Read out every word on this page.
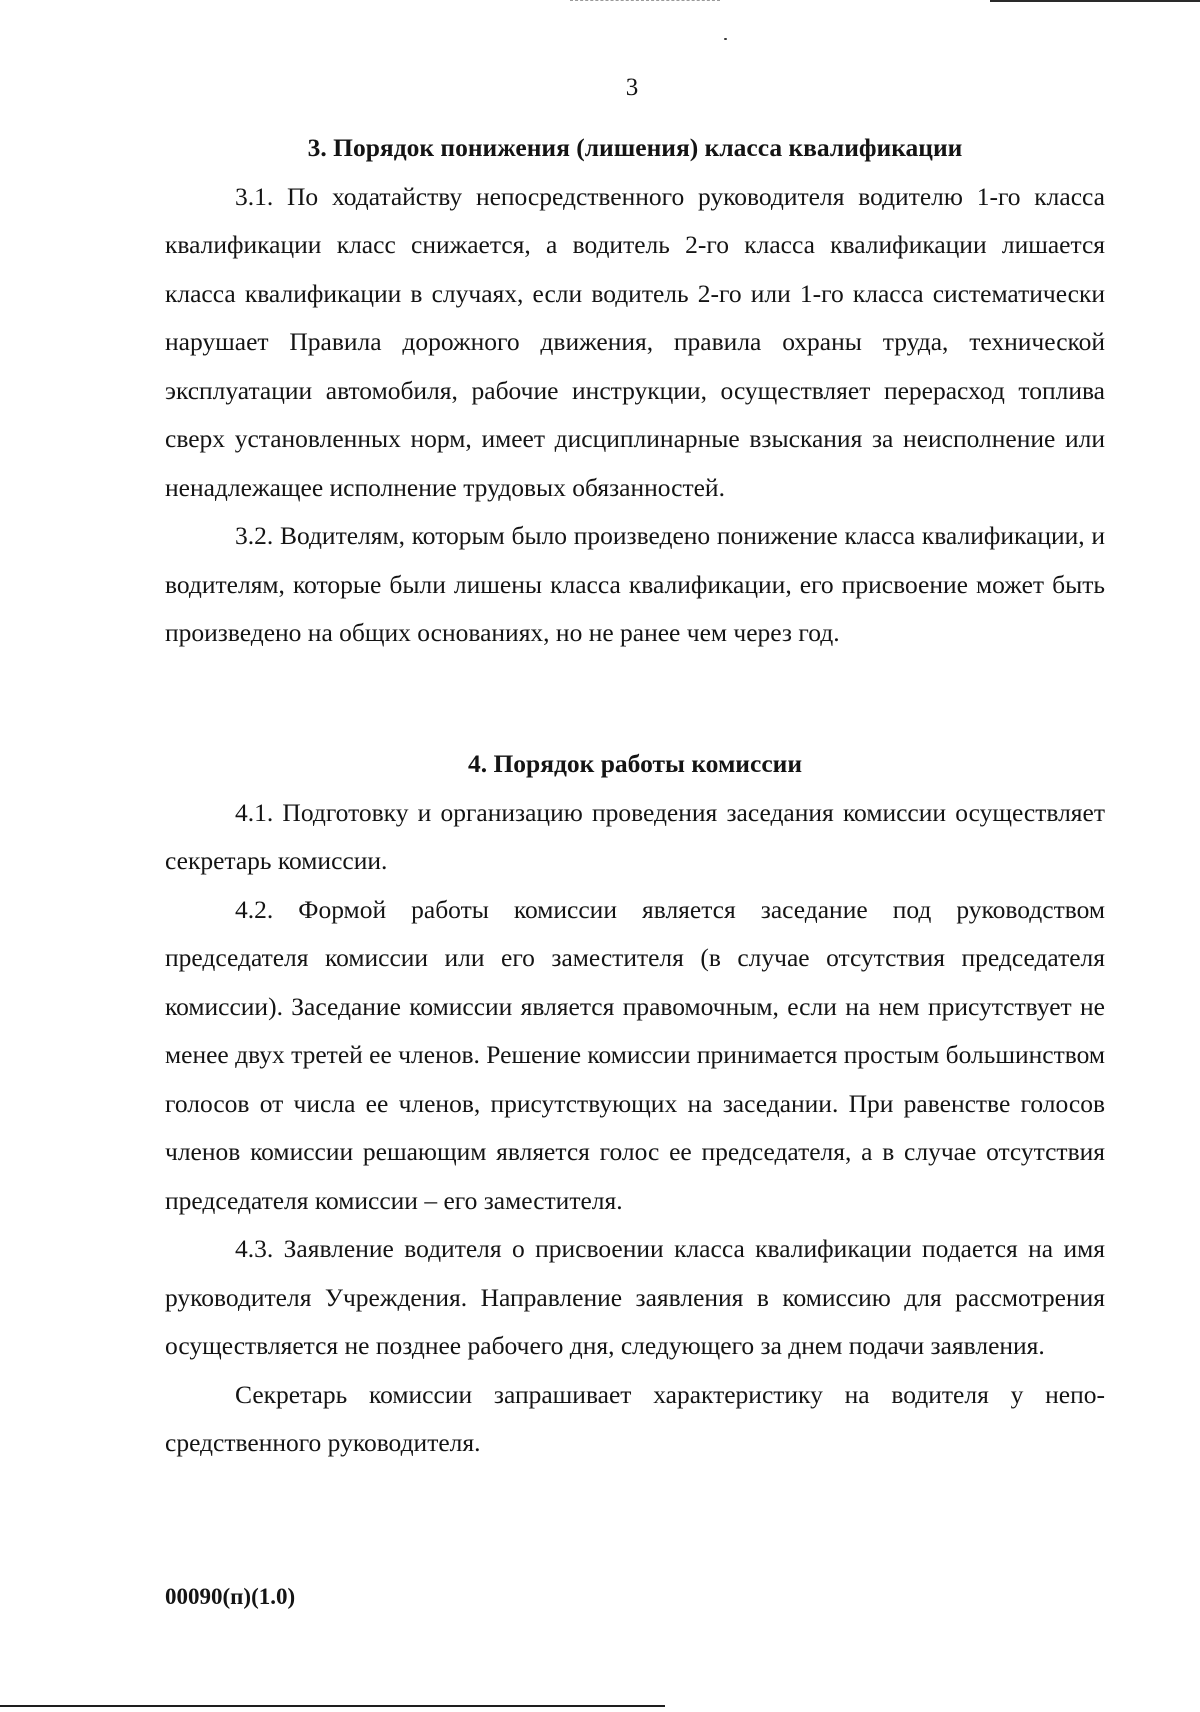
3
3. Порядок понижения (лишения) класса квалификации

3.1. По ходатайству непосредственного руководителя водителю 1-го класса квалификации класс снижается, а водитель 2-го класса квалификации лишается класса квалификации в случаях, если водитель 2-го или 1-го класса систематически нарушает Правила дорожного движения, правила охраны труда, технической эксплуатации автомобиля, рабочие инструкции, осуществляет перерасход топлива сверх установленных норм, имеет дисциплинарные взыскания за неисполнение или ненадлежащее исполнение трудовых обязанностей.

3.2. Водителям, которым было произведено понижение класса квалификации, и водителям, которые были лишены класса квалификации, его присвоение может быть произведено на общих основаниях, но не ранее чем через год.

4. Порядок работы комиссии

4.1. Подготовку и организацию проведения заседания комиссии осуществляет секретарь комиссии.

4.2. Формой работы комиссии является заседание под руководством председателя комиссии или его заместителя (в случае отсутствия председателя комиссии). Заседание комиссии является правомочным, если на нем присутствует не менее двух третей ее членов. Решение комиссии принимается простым большинством голосов от числа ее членов, присутствующих на заседании. При равенстве голосов членов комиссии решающим является голос ее председателя, а в случае отсутствия председателя комиссии – его заместителя.

4.3. Заявление водителя о присвоении класса квалификации подается на имя руководителя Учреждения. Направление заявления в комиссию для рассмотрения осуществляется не позднее рабочего дня, следующего за днем подачи заявления.

Секретарь комиссии запрашивает характеристику на водителя у непосредственного руководителя.

00090(п)(1.0)
